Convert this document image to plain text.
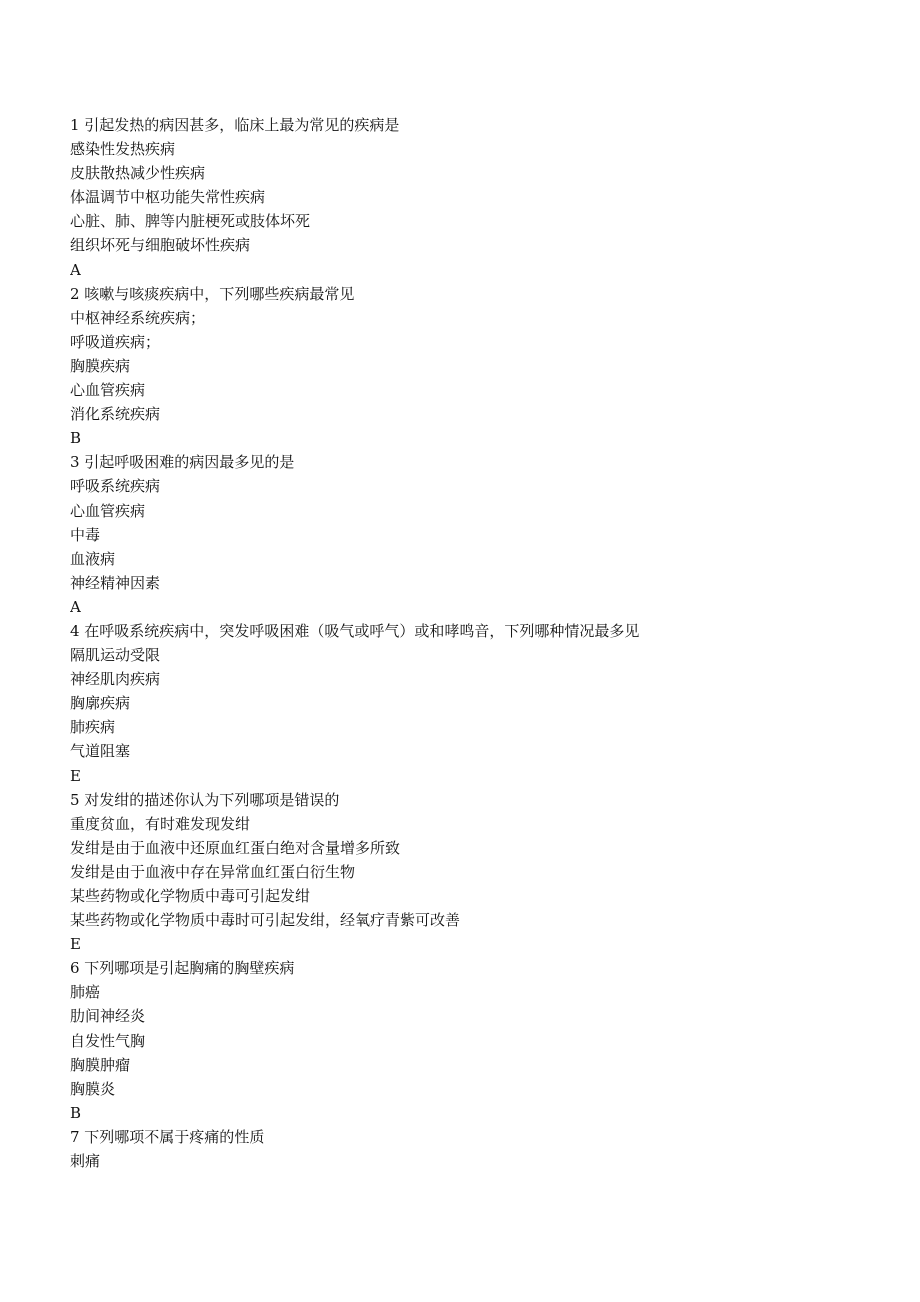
1 引起发热的病因甚多，临床上最为常见的疾病是
感染性发热疾病
皮肤散热减少性疾病
体温调节中枢功能失常性疾病
心脏、肺、脾等内脏梗死或肢体坏死
组织坏死与细胞破坏性疾病
A
2 咳嗽与咳痰疾病中，下列哪些疾病最常见
中枢神经系统疾病；
呼吸道疾病；
胸膜疾病
心血管疾病
消化系统疾病
B
3 引起呼吸困难的病因最多见的是
呼吸系统疾病
心血管疾病
中毒
血液病
神经精神因素
A
4 在呼吸系统疾病中，突发呼吸困难（吸气或呼气）或和哮鸣音，下列哪种情况最多见
隔肌运动受限
神经肌肉疾病
胸廓疾病
肺疾病
气道阻塞
E
5 对发绀的描述你认为下列哪项是错误的
重度贫血，有时难发现发绀
发绀是由于血液中还原血红蛋白绝对含量增多所致
发绀是由于血液中存在异常血红蛋白衍生物
某些药物或化学物质中毒可引起发绀
某些药物或化学物质中毒时可引起发绀，经氧疗青紫可改善
E
6 下列哪项是引起胸痛的胸壁疾病
肺癌
肋间神经炎
自发性气胸
胸膜肿瘤
胸膜炎
B
7 下列哪项不属于疼痛的性质
刺痛
